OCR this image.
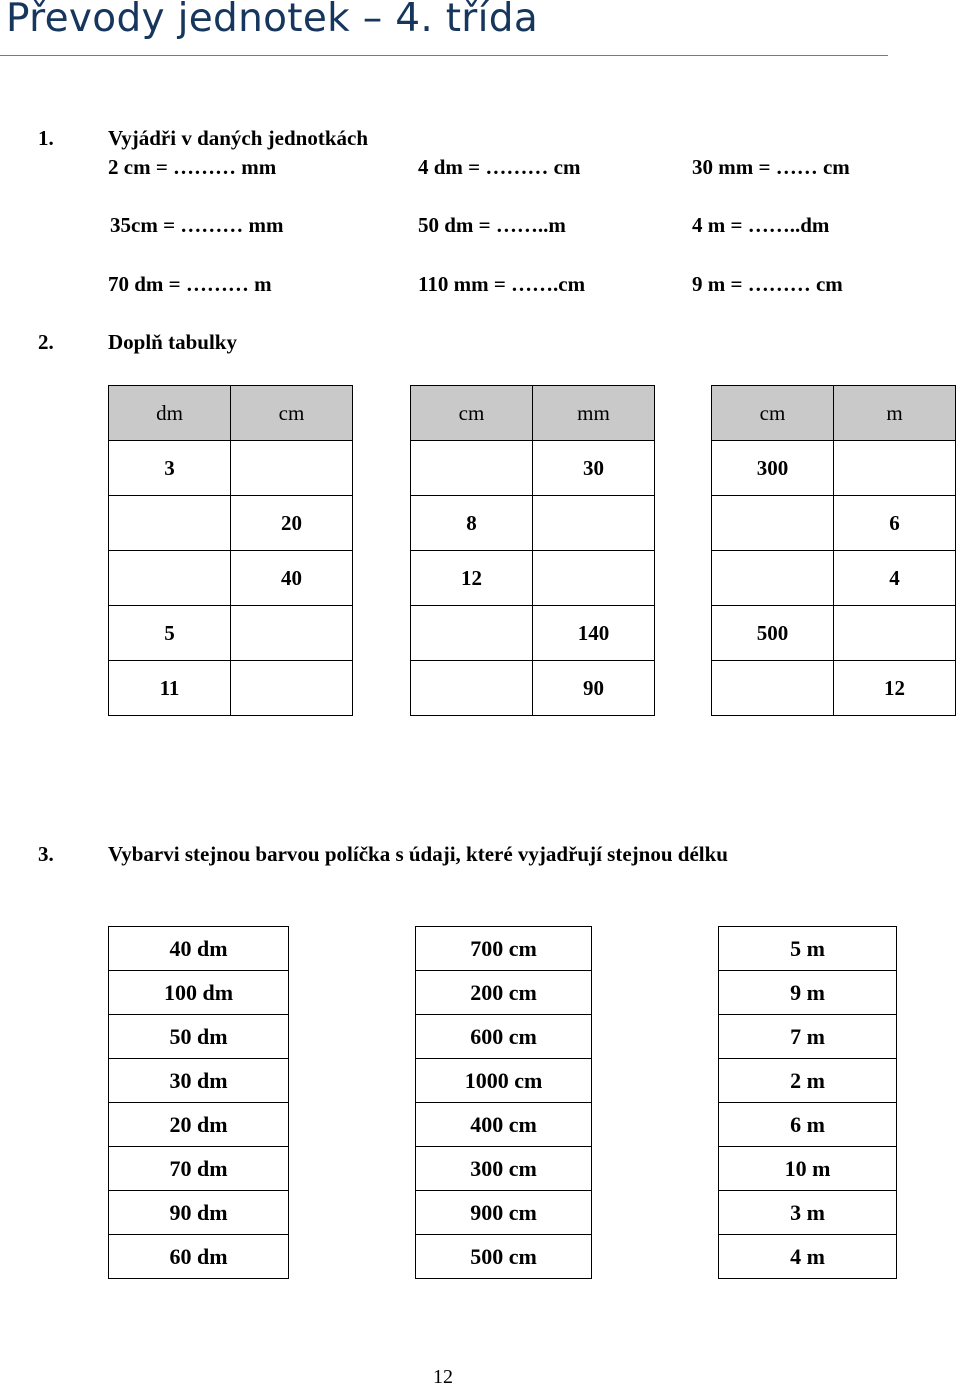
Převody jednotek – 4. třída
1.	Vyjádři v daných jednotkách
2 cm = ……… mm	4 dm = ……… cm	30 mm = …… cm
35cm = ……… mm	50 dm = ……..m	4 m = ……..dm
70 dm = ……… m	110 mm = …….cm	9 m = ……… cm
2.	Doplň tabulky
dm	cm
3	
	20
	40
5	
11	
cm	mm
	30
8	
12	
	140
	90
cm	m
300	
	6
	4
500	
	12
3.	Vybarvi stejnou barvou políčka s údaji, které vyjadřují stejnou délku
40 dm
100 dm
50 dm
30 dm
20 dm
70 dm
90 dm
60 dm
700 cm
200 cm
600 cm
1000 cm
400 cm
300 cm
900 cm
500 cm
5 m
9 m
7 m
2 m
6 m
10 m
3 m
4 m
12
